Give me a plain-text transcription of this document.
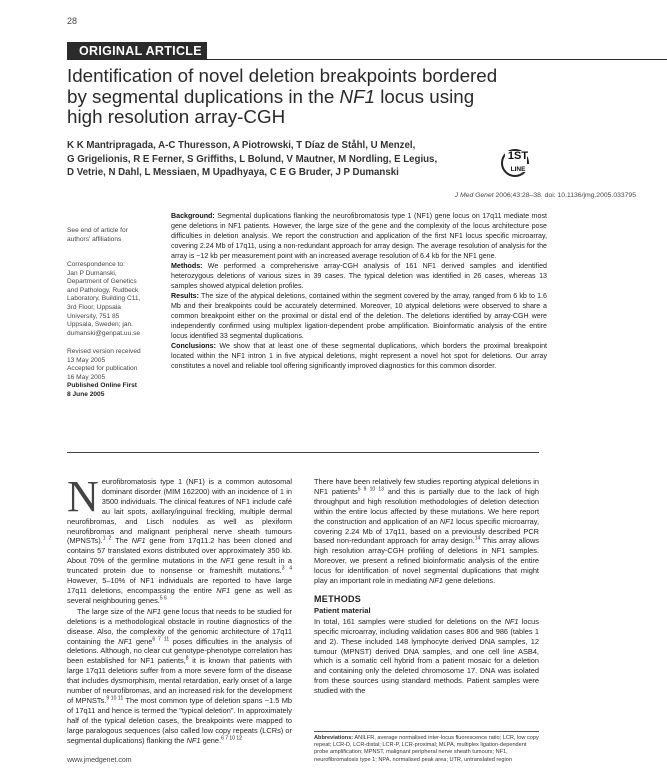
28
ORIGINAL ARTICLE
Identification of novel deletion breakpoints bordered
by segmental duplications in the NF1 locus using
high resolution array-CGH
K K Mantripragada, A-C Thuresson, A Piotrowski, T Díaz de Ståhl, U Menzel,
G Grigelionis, R E Ferner, S Griffiths, L Bolund, V Mautner, M Nordling, E Legius,
D Vetrie, N Dahl, L Messiaen, M Upadhyaya, C E G Bruder, J P Dumanski
1ST
LINE
J Med Genet 2006;43:28–38. doi: 10.1136/jmg.2005.033795
See end of article for
authors' affiliations
Correspondence to:
Jan P Dumanski,
Department of Genetics
and Pathology, Rudbeck
Laboratory, Building C11,
3rd Floor, Uppsala
University, 751 85
Uppsala, Sweden; jan.
dumanski@genpat.uu.se
Revised version received
13 May 2005
Accepted for publication
16 May 2005
Published Online First
8 June 2005

Background: Segmental duplications flanking the neurofibromatosis type 1 (NF1) gene locus on 17q11 mediate most gene deletions in NF1 patients. However, the large size of the gene and the complexity of the locus architecture pose difficulties in deletion analysis. We report the construction and application of the first NF1 locus specific microarray, covering 2.24 Mb of 17q11, using a non-redundant approach for array design. The average resolution of analysis for the array is ~12 kb per measurement point with an increased average resolution of 6.4 kb for the NF1 gene.

Methods: We performed a comprehensive array-CGH analysis of 161 NF1 derived samples and identified heterozygous deletions of various sizes in 39 cases. The typical deletion was identified in 26 cases, whereas 13 samples showed atypical deletion profiles.

Results: The size of the atypical deletions, contained within the segment covered by the array, ranged from 6 kb to 1.6 Mb and their breakpoints could be accurately determined. Moreover, 10 atypical deletions were observed to share a common breakpoint either on the proximal or distal end of the deletion. The deletions identified by array-CGH were independently confirmed using multiplex ligation-dependent probe amplification. Bioinformatic analysis of the entire locus identified 33 segmental duplications.

Conclusions: We show that at least one of these segmental duplications, which borders the proximal breakpoint located within the NF1 intron 1 in five atypical deletions, might represent a novel hot spot for deletions. Our array constitutes a novel and reliable tool offering significantly improved diagnostics for this common disorder.

Neurofibromatosis type 1 (NF1) is a common autosomal dominant disorder (MIM 162200) with an incidence of 1 in 3500 individuals. The clinical features of NF1 include café au lait spots, axillary/inguinal freckling, multiple dermal neurofibromas, and Lisch nodules as well as plexiform neurofibromas and malignant peripheral nerve sheath tumours (MPNSTs).$^{1 2}$ The NF1 gene from 17q11.2 has been cloned and contains 57 translated exons distributed over approximately 350 kb. About 70% of the germline mutations in the NF1 gene result in a truncated protein due to nonsense or frameshift mutations.$^{3 4}$ However, 5–10% of NF1 individuals are reported to have large 17q11 deletions, encompassing the entire NF1 gene as well as several neighbouring genes.$^{5 6}$

The large size of the NF1 gene locus that needs to be studied for deletions is a methodological obstacle in routine diagnostics of the disease. Also, the complexity of the genomic architecture of 17q11 containing the NF1 gene$^{6 7 11}$ poses difficulties in the analysis of deletions. Although, no clear cut genotype-phenotype correlation has been established for NF1 patients,$^8$ it is known that patients with large 17q11 deletions suffer from a more severe form of the disease that includes dysmorphism, mental retardation, early onset of a large number of neurofibromas, and an increased risk for the development of MPNSTs.$^{9 10 11}$ The most common type of deletion spans ~1.5 Mb of 17q11 and hence is termed the "typical deletion". In approximately half of the typical deletion cases, the breakpoints were mapped to large paralogous sequences (also called low copy repeats (LCRs) or segmental duplications) flanking the NF1 gene.$^{6 7 10 12}$

There have been relatively few studies reporting atypical deletions in NF1 patients$^{5 9 10 13}$ and this is partially due to the lack of high throughput and high resolution methodologies of deletion detection within the entire locus affected by these mutations. We here report the construction and application of an NF1 locus specific microarray, covering 2.24 Mb of 17q11, based on a previously described PCR based non-redundant approach for array design.$^{14}$ This array allows high resolution array-CGH profiling of deletions in NF1 samples. Moreover, we present a refined bioinformatic analysis of the entire locus for identification of novel segmental duplications that might play an important role in mediating NF1 gene deletions.

METHODS
Patient material

In total, 161 samples were studied for deletions on the NF1 locus specific microarray, including validation cases 806 and 986 (tables 1 and 2). These included 148 lymphocyte derived DNA samples, 12 tumour (MPNST) derived DNA samples, and one cell line ASB4, which is a somatic cell hybrid from a patient mosaic for a deletion and containing only the deleted chromosome 17. DNA was isolated from these sources using standard methods. Patient samples were studied with the

Abbreviations: ANILFR, average normalised inter-locus fluorescence ratio; LCR, low copy repeat; LCR-D, LCR-distal; LCR-P, LCR-proximal; MLPA, multiplex ligation-dependent probe amplification; MPNST, malignant peripheral nerve sheath tumours; NF1, neurofibromatosis type 1; NPA, normalised peak area; UTR, untranslated region
www.jmedgenet.com
